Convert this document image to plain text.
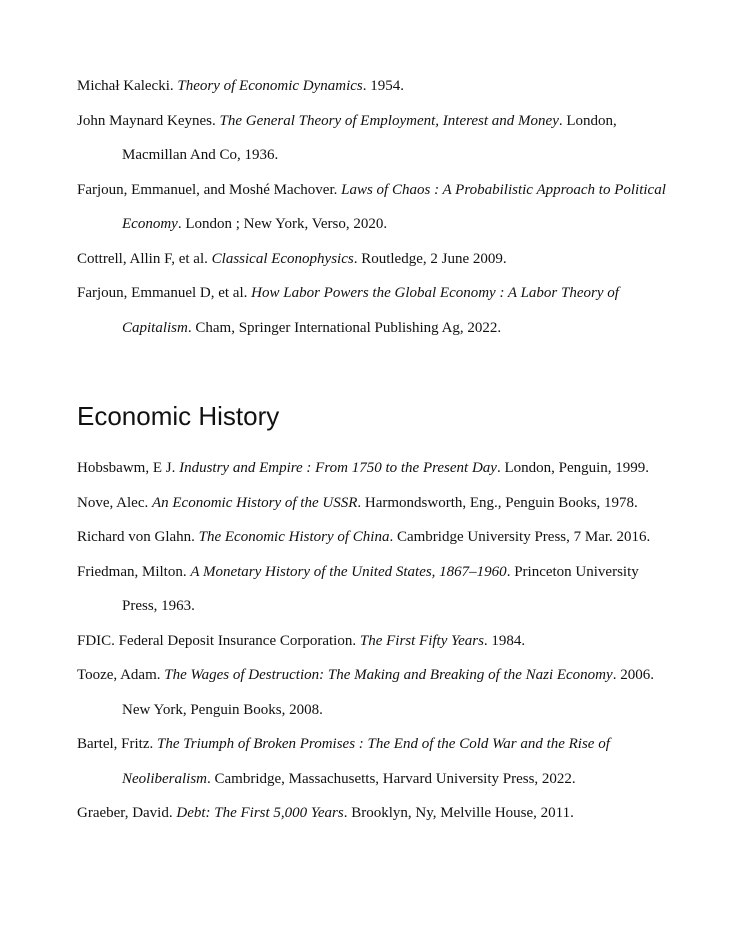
Michał Kalecki. Theory of Economic Dynamics. 1954.

John Maynard Keynes. The General Theory of Employment, Interest and Money. London, Macmillan And Co, 1936.

Farjoun, Emmanuel, and Moshé Machover. Laws of Chaos : A Probabilistic Approach to Political Economy. London ; New York, Verso, 2020.

Cottrell, Allin F, et al. Classical Econophysics. Routledge, 2 June 2009.

Farjoun, Emmanuel D, et al. How Labor Powers the Global Economy : A Labor Theory of Capitalism. Cham, Springer International Publishing Ag, 2022.

Economic History

Hobsbawm, E J. Industry and Empire : From 1750 to the Present Day. London, Penguin, 1999.

Nove, Alec. An Economic History of the USSR. Harmondsworth, Eng., Penguin Books, 1978.

Richard von Glahn. The Economic History of China. Cambridge University Press, 7 Mar. 2016.

Friedman, Milton. A Monetary History of the United States, 1867–1960. Princeton University Press, 1963.

FDIC. Federal Deposit Insurance Corporation. The First Fifty Years. 1984.

Tooze, Adam. The Wages of Destruction: The Making and Breaking of the Nazi Economy. 2006. New York, Penguin Books, 2008.

Bartel, Fritz. The Triumph of Broken Promises : The End of the Cold War and the Rise of Neoliberalism. Cambridge, Massachusetts, Harvard University Press, 2022.

Graeber, David. Debt: The First 5,000 Years. Brooklyn, Ny, Melville House, 2011.
